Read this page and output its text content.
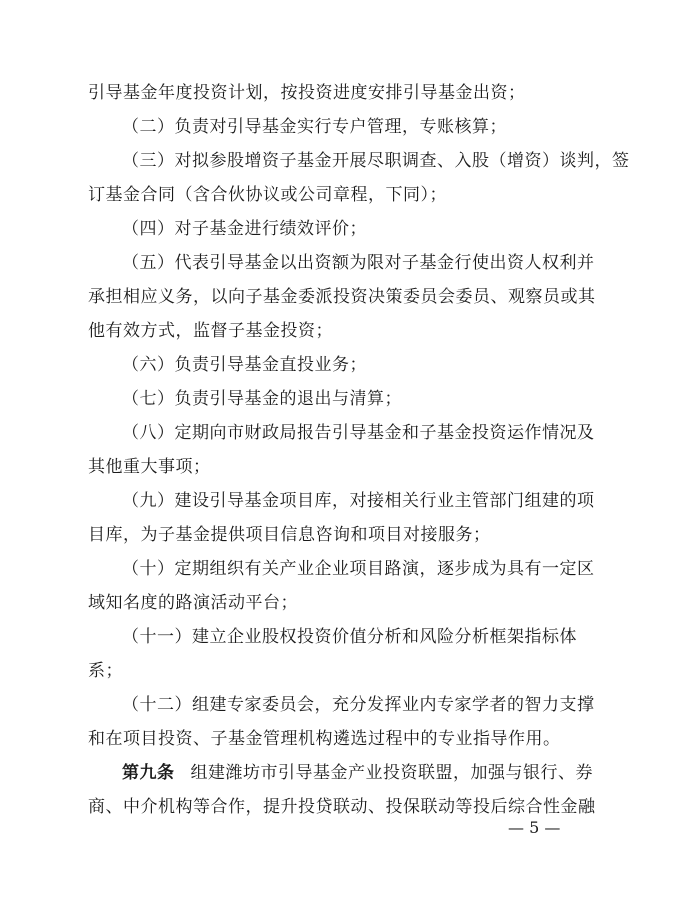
引导基金年度投资计划，按投资进度安排引导基金出资；
（二）负责对引导基金实行专户管理，专账核算；
（三）对拟参股增资子基金开展尽职调查、入股（增资）谈判，签
订基金合同（含合伙协议或公司章程，下同）；
（四）对子基金进行绩效评价；
（五）代表引导基金以出资额为限对子基金行使出资人权利并
承担相应义务，以向子基金委派投资决策委员会委员、观察员或其
他有效方式，监督子基金投资；
（六）负责引导基金直投业务；
（七）负责引导基金的退出与清算；
（八）定期向市财政局报告引导基金和子基金投资运作情况及
其他重大事项；
（九）建设引导基金项目库，对接相关行业主管部门组建的项
目库，为子基金提供项目信息咨询和项目对接服务；
（十）定期组织有关产业企业项目路演，逐步成为具有一定区
域知名度的路演活动平台；
（十一）建立企业股权投资价值分析和风险分析框架指标体
系；
（十二）组建专家委员会，充分发挥业内专家学者的智力支撑
和在项目投资、子基金管理机构遴选过程中的专业指导作用。
第九条 组建潍坊市引导基金产业投资联盟，加强与银行、券
商、中介机构等合作，提升投贷联动、投保联动等投后综合性金融
— 5 —
